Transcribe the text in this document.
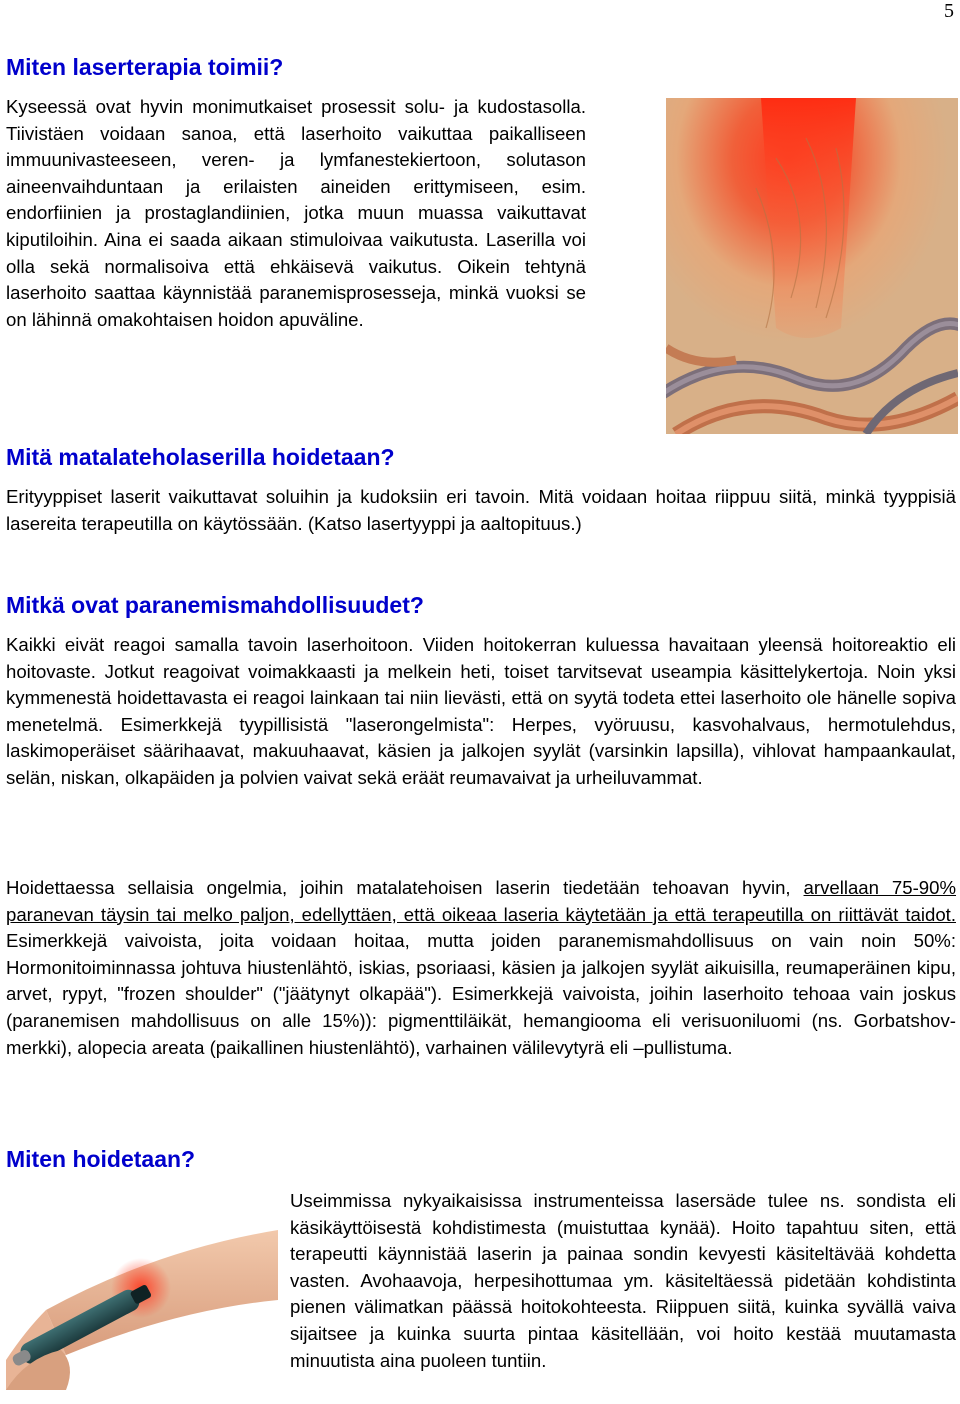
5
Miten laserterapia toimii?

Kyseessä ovat hyvin monimutkaiset prosessit solu- ja kudostasolla. Tiivistäen voidaan sanoa, että laserhoito vaikuttaa paikalliseen immuunivasteeseen, veren- ja lymfanestekiertoon, solutason aineenvaihduntaan ja erilaisten aineiden erittymiseen, esim. endorfiinien ja prostaglandiinien, jotka muun muassa vaikuttavat kiputiloihin. Aina ei saada aikaan stimuloivaa vaikutusta. Laserilla voi olla sekä normalisoiva että ehkäisevä vaikutus. Oikein tehtynä laserhoito saattaa käynnistää paranemisprosesseja, minkä vuoksi se on lähinnä omakohtaisen hoidon apuväline.

Mitä matalateholaserilla hoidetaan?

Erityyppiset laserit vaikuttavat soluihin ja kudoksiin eri tavoin. Mitä voidaan hoitaa riippuu siitä, minkä tyyppisiä lasereita terapeutilla on käytössään. (Katso lasertyyppi ja aaltopituus.)

Mitkä ovat paranemismahdollisuudet?

Kaikki eivät reagoi samalla tavoin laserhoitoon. Viiden hoitokerran kuluessa havaitaan yleensä hoitoreaktio eli hoitovaste. Jotkut reagoivat voimakkaasti ja melkein heti, toiset tarvitsevat useampia käsittelykertoja. Noin yksi kymmenestä hoidettavasta ei reagoi lainkaan tai niin lievästi, että on syytä todeta ettei laserhoito ole hänelle sopiva menetelmä. Esimerkkejä tyypillisistä "laserongelmista": Herpes, vyöruusu, kasvohalvaus, hermotulehdus, laskimoperäiset säärihaavat, makuuhaavat, käsien ja jalkojen syylät (varsinkin lapsilla), vihlovat hampaankaulat, selän, niskan, olkapäiden ja polvien vaivat sekä eräät reumavaivat ja urheiluvammat.

Hoidettaessa sellaisia ongelmia, joihin matalatehoisen laserin tiedetään tehoavan hyvin, arvellaan 75-90% paranevan täysin tai melko paljon, edellyttäen, että oikeaa laseria käytetään ja että terapeutilla on riittävät taidot. Esimerkkejä vaivoista, joita voidaan hoitaa, mutta joiden paranemismahdollisuus on vain noin 50%: Hormonitoiminnassa johtuva hiustenlähtö, iskias, psoriaasi, käsien ja jalkojen syylät aikuisilla, reumaperäinen kipu, arvet, rypyt, "frozen shoulder" ("jäätynyt olkapää"). Esimerkkejä vaivoista, joihin laserhoito tehoaa vain joskus (paranemisen mahdollisuus on alle 15%)): pigmenttiläikät, hemangiooma eli verisuoniluomi (ns. Gorbatshov-merkki), alopecia areata (paikallinen hiustenlähtö), varhainen välilevytyrä eli –pullistuma.

Miten hoidetaan?

Useimmissa nykyaikaisissa instrumenteissa lasersäde tulee ns. sondista eli käsikäyttöisestä kohdistimesta (muistuttaa kynää). Hoito tapahtuu siten, että terapeutti käynnistää laserin ja painaa sondin kevyesti käsiteltävää kohdetta vasten. Avohaavoja, herpesihottumaa ym. käsiteltäessä pidetään kohdistinta pienen välimatkan päässä hoitokohteesta. Riippuen siitä, kuinka syvällä vaiva sijaitsee ja kuinka suurta pintaa käsitellään, voi hoito kestää muutamasta minuutista aina puoleen tuntiin.
